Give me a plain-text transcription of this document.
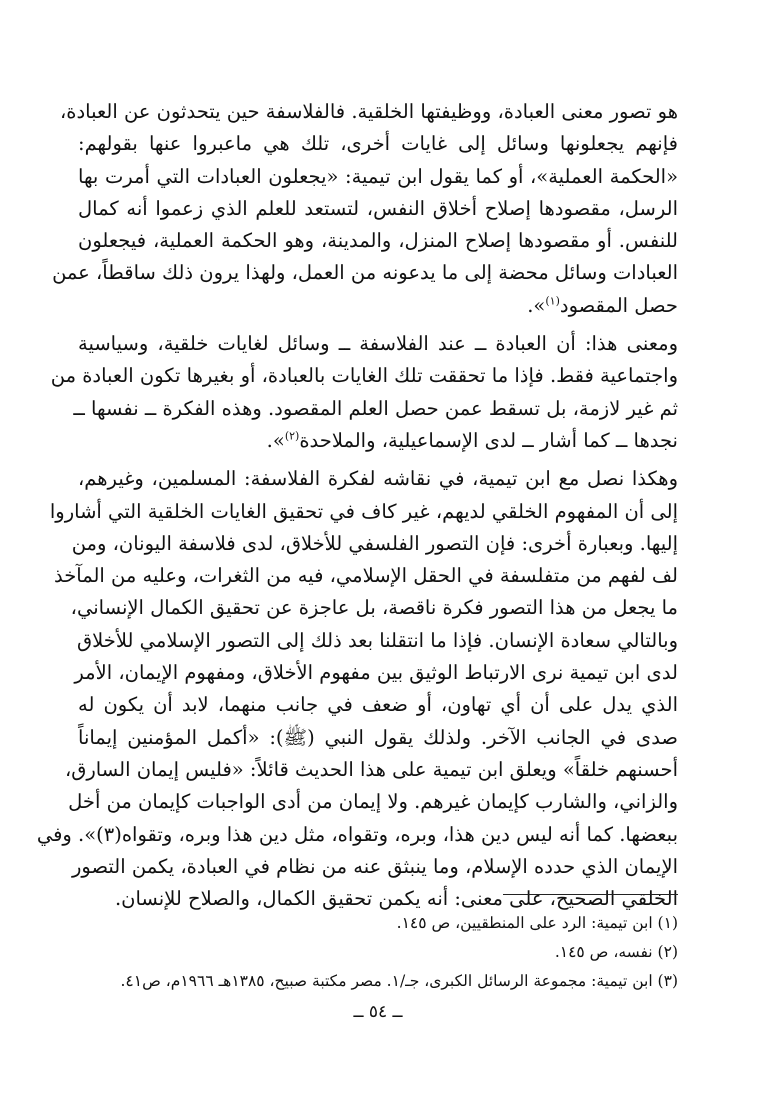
هو تصور معنى العبادة، ووظيفتها الخلقية. فالفلاسفة حين يتحدثون عن العبادة،
فإنهم يجعلونها وسائل إلى غايات أخرى، تلك هي ماعبروا عنها بقولهم:
«الحكمة العملية»، أو كما يقول ابن تيمية: «يجعلون العبادات التي أمرت بها
الرسل، مقصودها إصلاح أخلاق النفس، لتستعد للعلم الذي زعموا أنه كمال
للنفس. أو مقصودها إصلاح المنزل، والمدينة، وهو الحكمة العملية، فيجعلون
العبادات وسائل محضة إلى ما يدعونه من العمل، ولهذا يرون ذلك ساقطاً، عمن
حصل المقصود$^{(١)}$».
ومعنى هذا: أن العبادة ــ عند الفلاسفة ــ وسائل لغايات خلقية، وسياسية
واجتماعية فقط. فإذا ما تحققت تلك الغايات بالعبادة، أو بغيرها تكون العبادة من
ثم غير لازمة، بل تسقط عمن حصل العلم المقصود. وهذه الفكرة ــ نفسها ــ
نجدها ــ كما أشار ــ لدى الإسماعيلية، والملاحدة$^{(٢)}$».
وهكذا نصل مع ابن تيمية، في نقاشه لفكرة الفلاسفة: المسلمين، وغيرهم،
إلى أن المفهوم الخلقي لديهم، غير كاف في تحقيق الغايات الخلقية التي أشاروا
إليها. وبعبارة أخرى: فإن التصور الفلسفي للأخلاق، لدى فلاسفة اليونان، ومن
لف لفهم من متفلسفة في الحقل الإسلامي، فيه من الثغرات، وعليه من المآخذ
ما يجعل من هذا التصور فكرة ناقصة، بل عاجزة عن تحقيق الكمال الإنساني،
وبالتالي سعادة الإنسان. فإذا ما انتقلنا بعد ذلك إلى التصور الإسلامي للأخلاق
لدى ابن تيمية نرى الارتباط الوثيق بين مفهوم الأخلاق، ومفهوم الإيمان، الأمر
الذي يدل على أن أي تهاون، أو ضعف في جانب منهما، لابد أن يكون له
صدى في الجانب الآخر. ولذلك يقول النبي (ﷺ): «أكمل المؤمنين إيماناً
أحسنهم خلقاً» ويعلق ابن تيمية على هذا الحديث قائلاً: «فليس إيمان السارق،
والزاني، والشارب كإيمان غيرهم. ولا إيمان من أدى الواجبات كإيمان من أخل
ببعضها. كما أنه ليس دين هذا، وبره، وتقواه، مثل دين هذا وبره، وتقواه(٣)». وفي
الإيمان الذي حدده الإسلام، وما ينبثق عنه من نظام في العبادة، يكمن التصور
الخلقي الصحيح، على معنى: أنه يكمن تحقيق الكمال، والصلاح للإنسان.
(١) ابن تيمية: الرد على المنطقيين، ص ١٤٥.
(٢) نفسه، ص ١٤٥.
(٣) ابن تيمية: مجموعة الرسائل الكبرى، جـ/١. مصر مكتبة صبيح، ١٣٨٥هـ ١٩٦٦م، ص٤١.
ــ ٥٤ ــ
